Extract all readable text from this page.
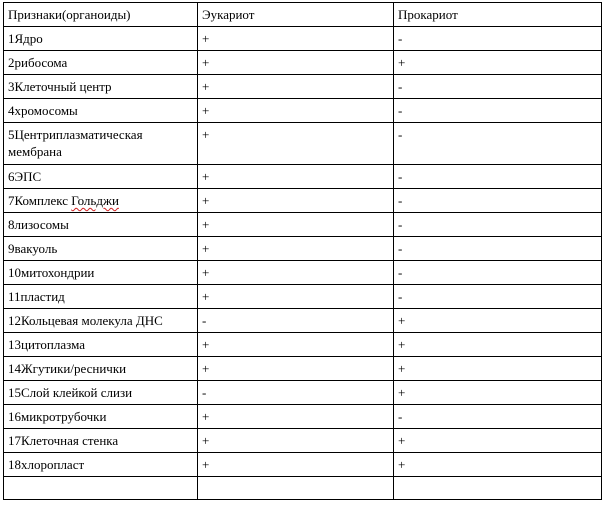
Признаки(органоиды)	Эукариот	Прокариот
1Ядро	+	-
2рибосома	+	+
3Клеточный центр	+	-
4хромосомы	+	-
5Центриплазматическая мембрана	+	-
6ЭПС	+	-
7Комплекс Гольджи	+	-
8лизосомы	+	-
9вакуоль	+	-
10митохондрии	+	-
11пластид	+	-
12Кольцевая молекула ДНС	-	+
13цитоплазма	+	+
14Жгутики/реснички	+	+
15Слой клейкой слизи	-	+
16микротрубочки	+	-
17Клеточная стенка	+	+
18хлоропласт	+	+
